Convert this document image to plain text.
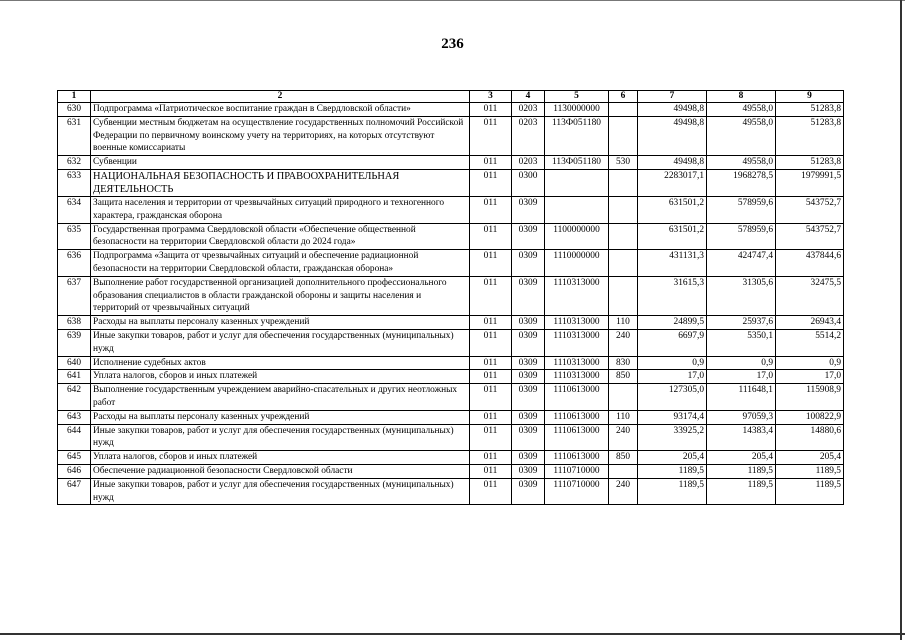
236
1	2	3	4	5	6	7	8	9
630	Подпрограмма «Патриотическое воспитание граждан в Свердловской области»	011	0203	1130000000		49498,8	49558,0	51283,8
631	Субвенции местным бюджетам на осуществление государственных полномочий Российской Федерации по первичному воинскому учету на территориях, на которых отсутствуют военные комиссариаты	011	0203	113Ф051180		49498,8	49558,0	51283,8
632	Субвенции	011	0203	113Ф051180	530	49498,8	49558,0	51283,8
633	НАЦИОНАЛЬНАЯ БЕЗОПАСНОСТЬ И ПРАВООХРАНИТЕЛЬНАЯ ДЕЯТЕЛЬНОСТЬ	011	0300			2283017,1	1968278,5	1979991,5
634	Защита населения и территории от чрезвычайных ситуаций природного и техногенного характера, гражданская оборона	011	0309			631501,2	578959,6	543752,7
635	Государственная программа Свердловской области «Обеспечение общественной безопасности на территории Свердловской области до 2024 года»	011	0309	1100000000		631501,2	578959,6	543752,7
636	Подпрограмма «Защита от чрезвычайных ситуаций и обеспечение радиационной безопасности на территории Свердловской области, гражданская оборона»	011	0309	1110000000		431131,3	424747,4	437844,6
637	Выполнение работ государственной организацией дополнительного профессионального образования специалистов в области гражданской обороны и защиты населения и территорий от чрезвычайных ситуаций	011	0309	1110313000		31615,3	31305,6	32475,5
638	Расходы на выплаты персоналу казенных учреждений	011	0309	1110313000	110	24899,5	25937,6	26943,4
639	Иные закупки товаров, работ и услуг для обеспечения государственных (муниципальных) нужд	011	0309	1110313000	240	6697,9	5350,1	5514,2
640	Исполнение судебных актов	011	0309	1110313000	830	0,9	0,9	0,9
641	Уплата налогов, сборов и иных платежей	011	0309	1110313000	850	17,0	17,0	17,0
642	Выполнение государственным учреждением аварийно-спасательных и других неотложных работ	011	0309	1110613000		127305,0	111648,1	115908,9
643	Расходы на выплаты персоналу казенных учреждений	011	0309	1110613000	110	93174,4	97059,3	100822,9
644	Иные закупки товаров, работ и услуг для обеспечения государственных (муниципальных) нужд	011	0309	1110613000	240	33925,2	14383,4	14880,6
645	Уплата налогов, сборов и иных платежей	011	0309	1110613000	850	205,4	205,4	205,4
646	Обеспечение радиационной безопасности Свердловской области	011	0309	1110710000		1189,5	1189,5	1189,5
647	Иные закупки товаров, работ и услуг для обеспечения государственных (муниципальных) нужд	011	0309	1110710000	240	1189,5	1189,5	1189,5
